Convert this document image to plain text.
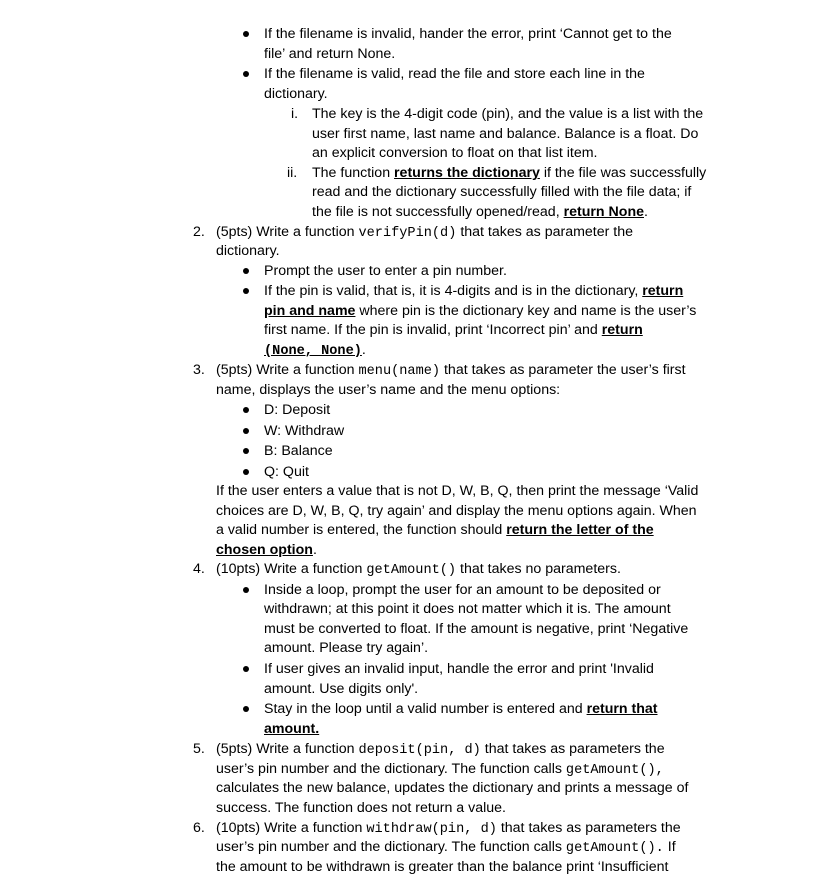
If the filename is invalid, hander the error, print ‘Cannot get to the
file’ and return None.
If the filename is valid, read the file and store each line in the
dictionary.
i. The key is the 4-digit code (pin), and the value is a list with the
user first name, last name and balance. Balance is a float. Do
an explicit conversion to float on that list item.
ii. The function returns the dictionary if the file was successfully
read and the dictionary successfully filled with the file data; if
the file is not successfully opened/read, return None.
2. (5pts) Write a function verifyPin(d) that takes as parameter the
dictionary.
Prompt the user to enter a pin number.
If the pin is valid, that is, it is 4-digits and is in the dictionary, return
pin and name where pin is the dictionary key and name is the user’s
first name. If the pin is invalid, print ‘Incorrect pin’ and return
(None, None).
3. (5pts) Write a function menu(name) that takes as parameter the user’s first
name, displays the user’s name and the menu options:
D: Deposit
W: Withdraw
B: Balance
Q: Quit
If the user enters a value that is not D, W, B, Q, then print the message ‘Valid
choices are D, W, B, Q, try again’ and display the menu options again. When
a valid number is entered, the function should return the letter of the
chosen option.
4. (10pts) Write a function getAmount() that takes no parameters.
Inside a loop, prompt the user for an amount to be deposited or
withdrawn; at this point it does not matter which it is. The amount
must be converted to float. If the amount is negative, print ‘Negative
amount. Please try again’.
If user gives an invalid input, handle the error and print 'Invalid
amount. Use digits only'.
Stay in the loop until a valid number is entered and return that
amount.
5. (5pts) Write a function deposit(pin, d) that takes as parameters the
user’s pin number and the dictionary. The function calls getAmount(),
calculates the new balance, updates the dictionary and prints a message of
success. The function does not return a value.
6. (10pts) Write a function withdraw(pin, d) that takes as parameters the
user’s pin number and the dictionary. The function calls getAmount(). If
the amount to be withdrawn is greater than the balance print ‘Insufficient
